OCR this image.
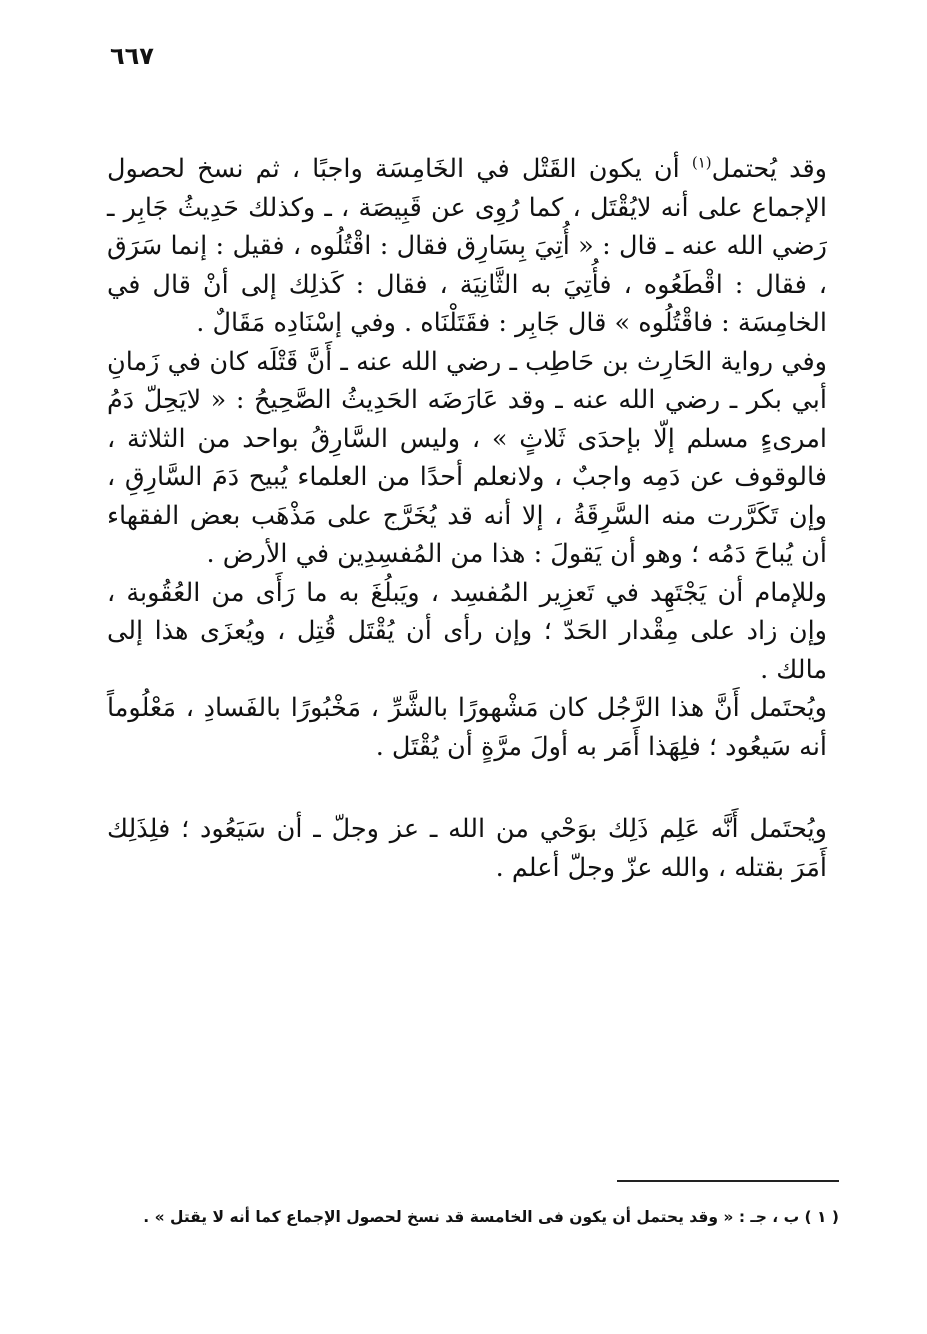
٦٦٧

وقد يُحتمل$^{(١)}$ أن يكون القَتْل في الخَامِسَة واجبًا ، ثم نسخ لحصول الإجماع على أنه لايُقْتَل ، كما رُوِى عن قَبِيصَة ، ـ وكذلك حَدِيثُ جَابِر ـ رَضي الله عنه ـ قال : « أُتِيَ بِسَارِق فقال : اقْتُلُوه ، فقيل : إنما سَرَق ، فقال : اقْطَعُوه ، فأُتِيَ به الثَّانِيَة ، فقال : كَذلِك إلى أنْ قال في الخامِسَة : فاقْتُلُوه » قال جَابِر : فقَتَلْنَاه . وفي إسْنَادِه مَقَالٌ .

وفي رواية الحَارِث بن حَاطِب ـ رضي الله عنه ـ أَنَّ قَتْلَه كان في زَمانِ أبي بكر ـ رضي الله عنه ـ وقد عَارَضَه الحَدِيثُ الصَّحِيحُ : « لايَحِلّ دَمُ امرىءٍ مسلم إلّا بإحدَى ثَلاثٍ » ، وليس السَّارِقُ بواحد من الثلاثة ، فالوقوف عن دَمِه واجبٌ ، ولانعلم أحدًا من العلماء يُبيح دَمَ السَّارِقِ ، وإن تَكَرَّرت منه السَّرِقَةُ ، إلا أنه قد يُخَرَّج على مَذْهَب بعض الفقهاء أن يُباحَ دَمُه ؛ وهو أن يَقولَ : هذا من المُفسِدِين في الأرض .

وللإمام أن يَجْتَهِد في تَعزِير المُفسِد ، ويَبلُغَ به ما رَأَى من العُقُوبة ، وإن زاد على مِقْدار الحَدّ ؛ وإن رأى أن يُقْتَل قُتِل ، ويُعزَى هذا إلى مالك .

ويُحتَمل أَنَّ هذا الرَّجُل كان مَشْهورًا بالشَّرِّ ، مَخْبُورًا بالفَسادِ ، مَعْلُوماً أنه سَيعُود ؛ فلِهَذا أَمَر به أولَ مرَّةٍ أن يُقْتَل .

ويُحتَمل أَنَّه عَلِم ذَلِك بوَحْي من الله ـ عز وجلّ ـ أن سَيَعُود ؛ فلِذَلِك أَمَرَ بقتله ، والله عزّ وجلّ أعلم .

( ١ ) ب ، جـ : « وقد يحتمل أن يكون فى الخامسة قد نسخ لحصول الإجماع كما أنه لا يقتل » .
